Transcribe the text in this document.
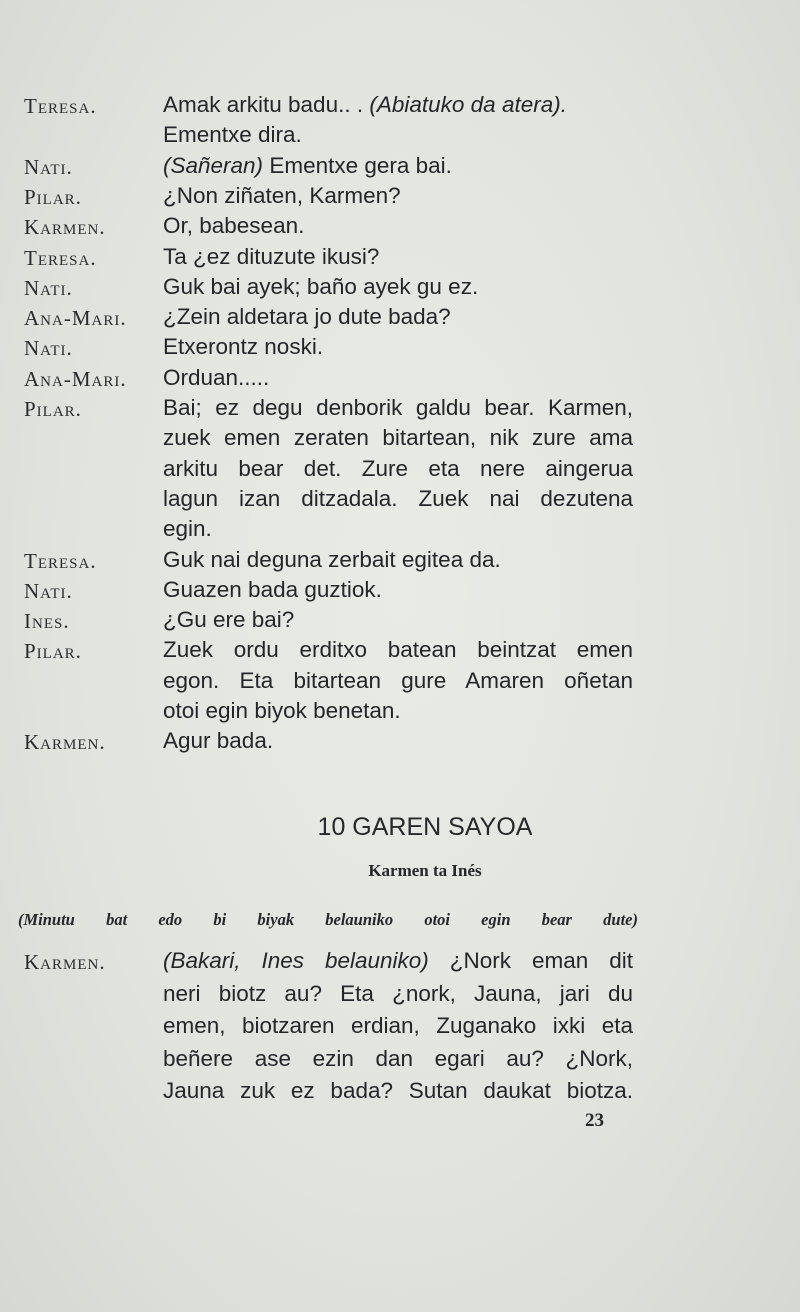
Teresa.	Amak arkitu badu.. . (Abiatuko da atera).
Ementxe dira.
Nati.	(Sañeran) Ementxe gera bai.
Pilar.	¿Non ziñaten, Karmen?
Karmen.	Or, babesean.
Teresa.	Ta ¿ez dituzute ikusi?
Nati.	Guk bai ayek; baño ayek gu ez.
Ana-Mari. ¿Zein aldetara jo dute bada?
Nati.	Etxerontz noski.
Ana-Mari. Orduan.....
Pilar.	Bai; ez degu denborik galdu bear. Karmen,
zuek emen zeraten bitartean, nik zure ama
arkitu bear det. Zure eta nere aingerua
lagun izan ditzadala. Zuek nai dezutena
egin.
Teresa.	Guk nai deguna zerbait egitea da.
Nati.	Guazen bada guztiok.
Ines.	¿Gu ere bai?
Pilar.	Zuek ordu erditxo batean beintzat emen
egon. Eta bitartean gure Amaren oñetan
otoi egin biyok benetan.
Karmen.	Agur bada.
10 GAREN SAYOA
Karmen ta Inés
(Minutu bat edo bi biyak belauniko otoi egin bear dute)
Karmen.	(Bakari, Ines belauniko) ¿Nork eman dit
neri biotz au? Eta ¿nork, Jauna, jari du
emen, biotzaren erdian, Zuganako ixki eta
beñere ase ezin dan egari au? ¿Nork,
Jauna zuk ez bada? Sutan daukat biotza.
23
